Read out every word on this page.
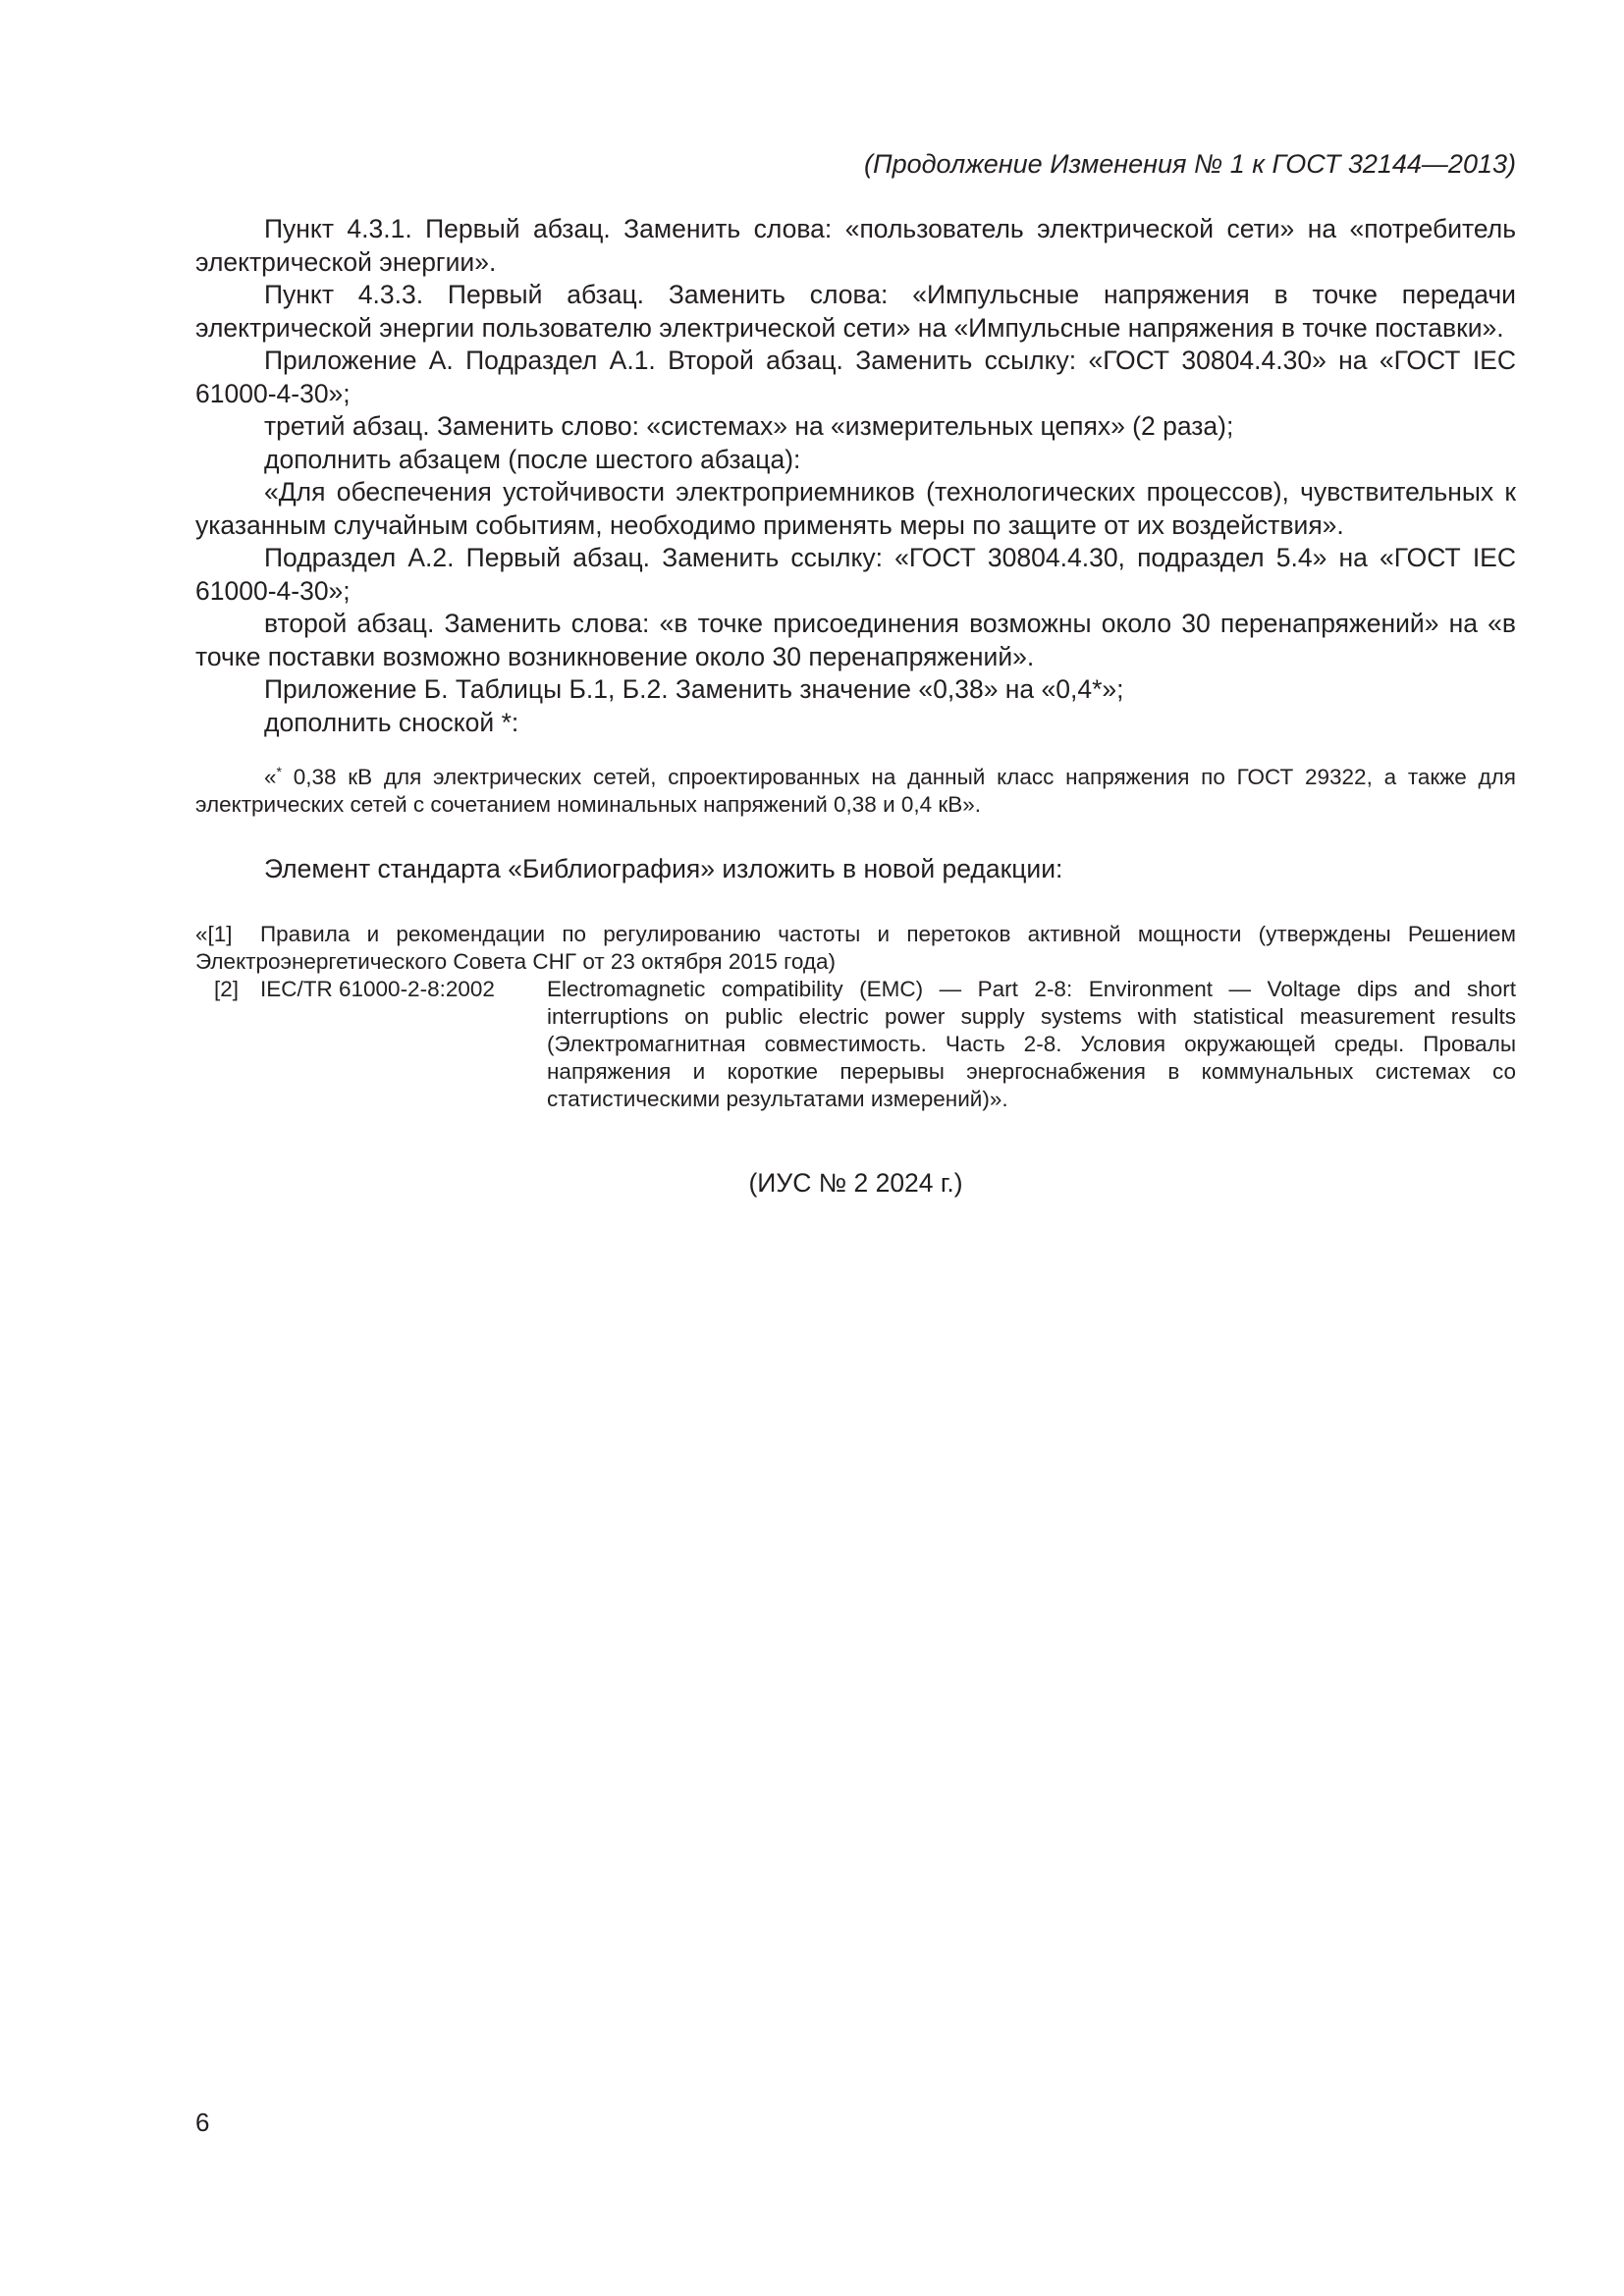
(Продолжение Изменения № 1 к ГОСТ 32144—2013)

Пункт 4.3.1. Первый абзац. Заменить слова: «пользователь электрической сети» на «потребитель электрической энергии».

Пункт 4.3.3. Первый абзац. Заменить слова: «Импульсные напряжения в точке передачи электрической энергии пользователю электрической сети» на «Импульсные напряжения в точке поставки».

Приложение А. Подраздел А.1. Второй абзац. Заменить ссылку: «ГОСТ 30804.4.30» на «ГОСТ IEC 61000-4-30»;

третий абзац. Заменить слово: «системах» на «измерительных цепях» (2 раза);

дополнить абзацем (после шестого абзаца):

«Для обеспечения устойчивости электроприемников (технологических процессов), чувствительных к указанным случайным событиям, необходимо применять меры по защите от их воздействия».

Подраздел А.2. Первый абзац. Заменить ссылку: «ГОСТ 30804.4.30, подраздел 5.4» на «ГОСТ IEC 61000-4-30»;

второй абзац. Заменить слова: «в точке присоединения возможны около 30 перенапряжений» на «в точке поставки возможно возникновение около 30 перенапряжений».

Приложение Б. Таблицы Б.1, Б.2. Заменить значение «0,38» на «0,4*»;

дополнить сноской *:

«* 0,38 кВ для электрических сетей, спроектированных на данный класс напряжения по ГОСТ 29322, а также для электрических сетей с сочетанием номинальных напряжений 0,38 и 0,4 кВ».

Элемент стандарта «Библиография» изложить в новой редакции:

«[1] Правила и рекомендации по регулированию частоты и перетоков активной мощности (утверждены Решением Электроэнергетического Совета СНГ от 23 октября 2015 года)

[2] IEC/TR 61000-2-8:2002	Electromagnetic compatibility (EMC) — Part 2-8: Environment — Voltage dips and short interruptions on public electric power supply systems with statistical measurement results (Электромагнитная совместимость. Часть 2-8. Условия окружающей среды. Провалы напряжения и короткие перерывы энергоснабжения в коммунальных системах со статистическими результатами измерений)».
(ИУС № 2 2024 г.)
6
